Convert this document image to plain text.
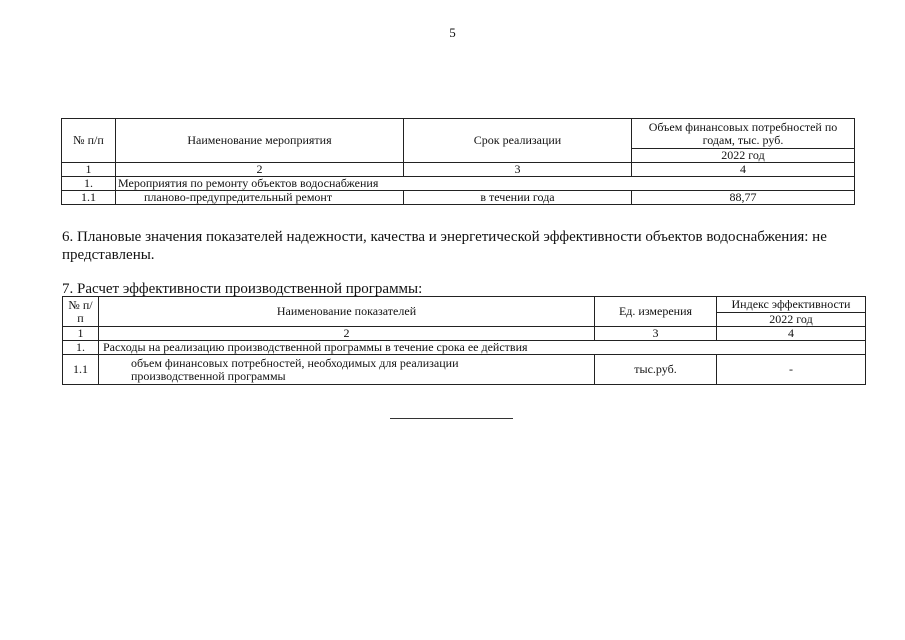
5
№ п/п	Наименование мероприятия	Срок реализации	Объем финансовых потребностей по годам, тыс. руб.
			2022 год
1	2	3	4
1.	Мероприятия по ремонту объектов водоснабжения		
1.1	планово-предупредительный ремонт	в течении года	88,77
6. Плановые значения показателей надежности, качества и энергетической эффективности объектов водоснабжения: не представлены.
7. Расчет эффективности производственной программы:
№ п/п	Наименование показателей	Ед. измерения	Индекс эффективности
			2022 год
1	2	3	4
1.	Расходы на реализацию производственной программы в течение срока ее действия		
1.1	объем финансовых потребностей, необходимых для реализации производственной программы	тыс.руб.	-
